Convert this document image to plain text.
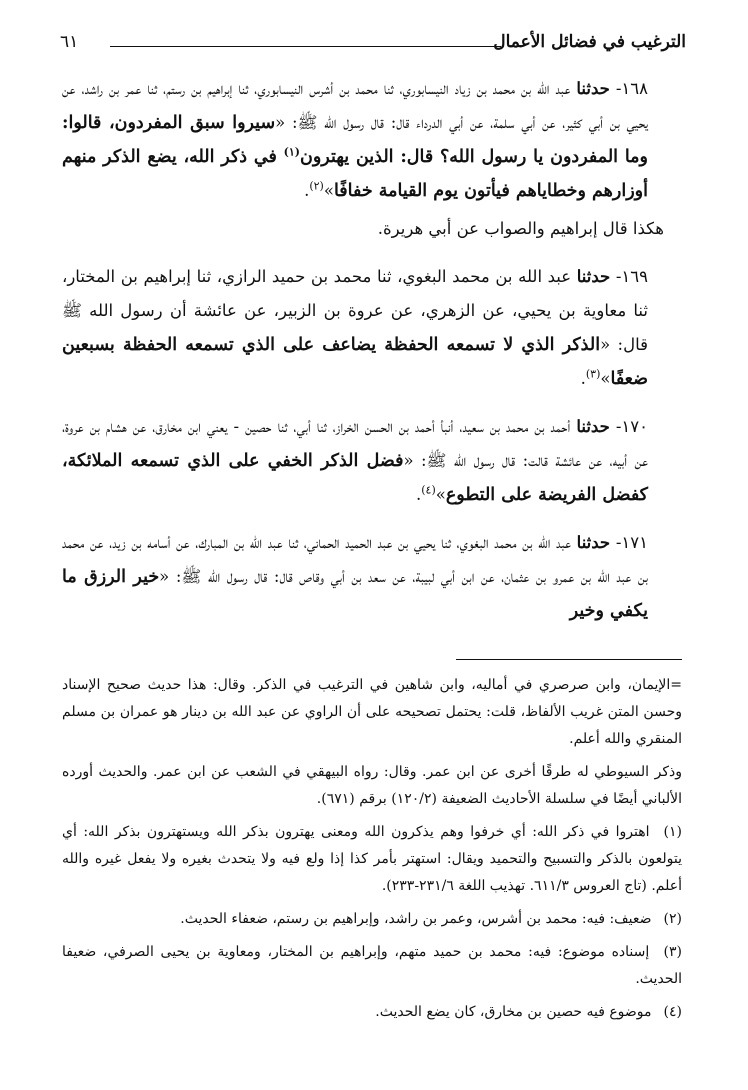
الترغيب في فضائل الأعمال
٦١

١٦٨- حدثنا عبد الله بن محمد بن زياد النيسابوري، ثنا محمد بن أشرس النيسابوري، ثنا إبراهيم بن رستم، ثنا عمر بن راشد، عن يحيي بن أبي كثير، عن أبي سلمة، عن أبي الدرداء قال: قال رسول الله ﷺ: «سيروا سبق المفردون، قالوا: وما المفردون يا رسول الله؟ قال: الذين يهترون$^{(١)}$ في ذكر الله، يضع الذكر منهم أوزارهم وخطاياهم فيأتون يوم القيامة خفافًا»$^{(٢)}$.

هكذا قال إبراهيم والصواب عن أبي هريرة.

١٦٩- حدثنا عبد الله بن محمد البغوي، ثنا محمد بن حميد الرازي، ثنا إبراهيم بن المختار، ثنا معاوية بن يحيي، عن الزهري، عن عروة بن الزبير، عن عائشة أن رسول الله ﷺ قال: «الذكر الذي لا تسمعه الحفظة يضاعف على الذي تسمعه الحفظة بسبعين ضعفًا»$^{(٣)}$.

١٧٠- حدثنا أحمد بن محمد بن سعيد، أنبأ أحمد بن الحسن الخراز، ثنا أبي، ثنا حصين - يعني ابن مخارق، عن هشام بن عروة، عن أبيه، عن عائشة قالت: قال رسول الله ﷺ: «فضل الذكر الخفي على الذي تسمعه الملائكة، كفضل الفريضة على التطوع»$^{(٤)}$.

١٧١- حدثنا عبد الله بن محمد البغوي، ثنا يحيي بن عبد الحميد الحماني، ثنا عبد الله بن المبارك، عن أسامه بن زيد، عن محمد بن عبد الله بن عمرو بن عثمان، عن ابن أبي لبيبة، عن سعد بن أبي وقاص قال: قال رسول الله ﷺ: «خير الرزق ما يكفي وخير

=الإيمان، وابن صرصري في أماليه، وابن شاهين في الترغيب في الذكر. وقال: هذا حديث صحيح الإسناد وحسن المتن غريب الألفاظ، قلت: يحتمل تصحيحه على أن الراوي عن عبد الله بن دينار هو عمران بن مسلم المنقري والله أعلم.

وذكر السيوطي له طرقًا أخرى عن ابن عمر. وقال: رواه البيهقي في الشعب عن ابن عمر. والحديث أورده الألباني أيضًا في سلسلة الأحاديث الضعيفة (١٢٠/٢) برقم (٦٧١).

(١) اهتروا في ذكر الله: أي خرفوا وهم يذكرون الله ومعنى يهترون بذكر الله ويستهترون بذكر الله: أي يتولعون بالذكر والتسبيح والتحميد ويقال: استهتر بأمر كذا إذا ولع فيه ولا يتحدث بغيره ولا يفعل غيره والله أعلم. (تاج العروس ٦١١/٣. تهذيب اللغة ٢٣١/٦-٢٣٣).

(٢) ضعيف: فيه: محمد بن أشرس، وعمر بن راشد، وإبراهيم بن رستم، ضعفاء الحديث.

(٣) إسناده موضوع: فيه: محمد بن حميد متهم، وإبراهيم بن المختار، ومعاوية بن يحيى الصرفي، ضعيفا الحديث.

(٤) موضوع فيه حصين بن مخارق، كان يضع الحديث.
